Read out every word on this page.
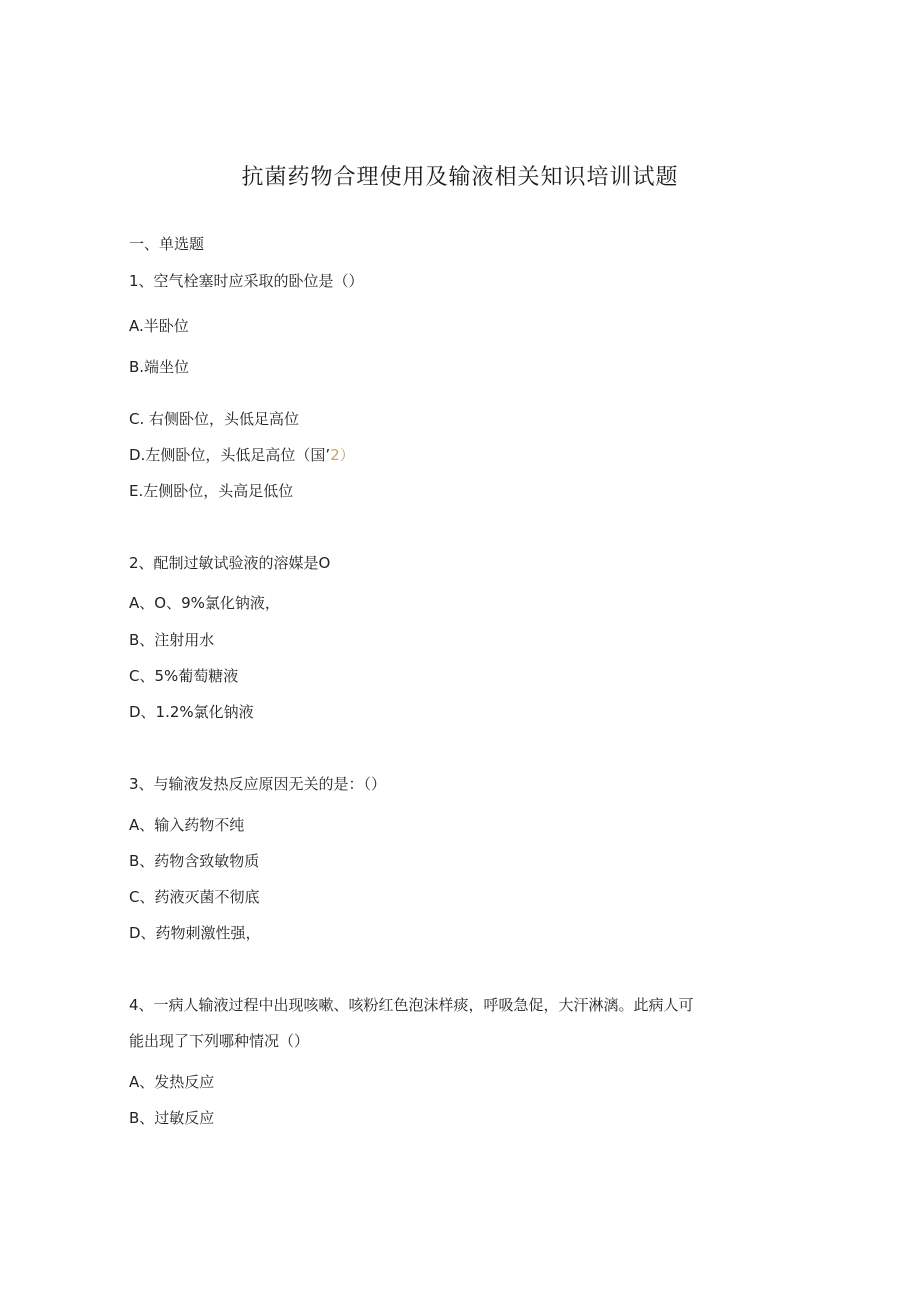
抗菌药物合理使用及输液相关知识培训试题
一、单选题
1、空气栓塞时应采取的卧位是（）
A.半卧位
B.端坐位
C. 右侧卧位，头低足高位
D.左侧卧位，头低足高位（国’2）
E.左侧卧位，头高足低位
2、配制过敏试验液的溶媒是O
A、O、9%氯化钠液，
B、注射用水
C、5%葡萄糖液
D、1.2%氯化钠液
3、与输液发热反应原因无关的是：（）
A、输入药物不纯
B、药物含致敏物质
C、药液灭菌不彻底
D、药物刺激性强，
4、一病人输液过程中出现咳嗽、咳粉红色泡沫样痰，呼吸急促，大汗淋漓。此病人可
能出现了下列哪种情况（）
A、发热反应
B、过敏反应
